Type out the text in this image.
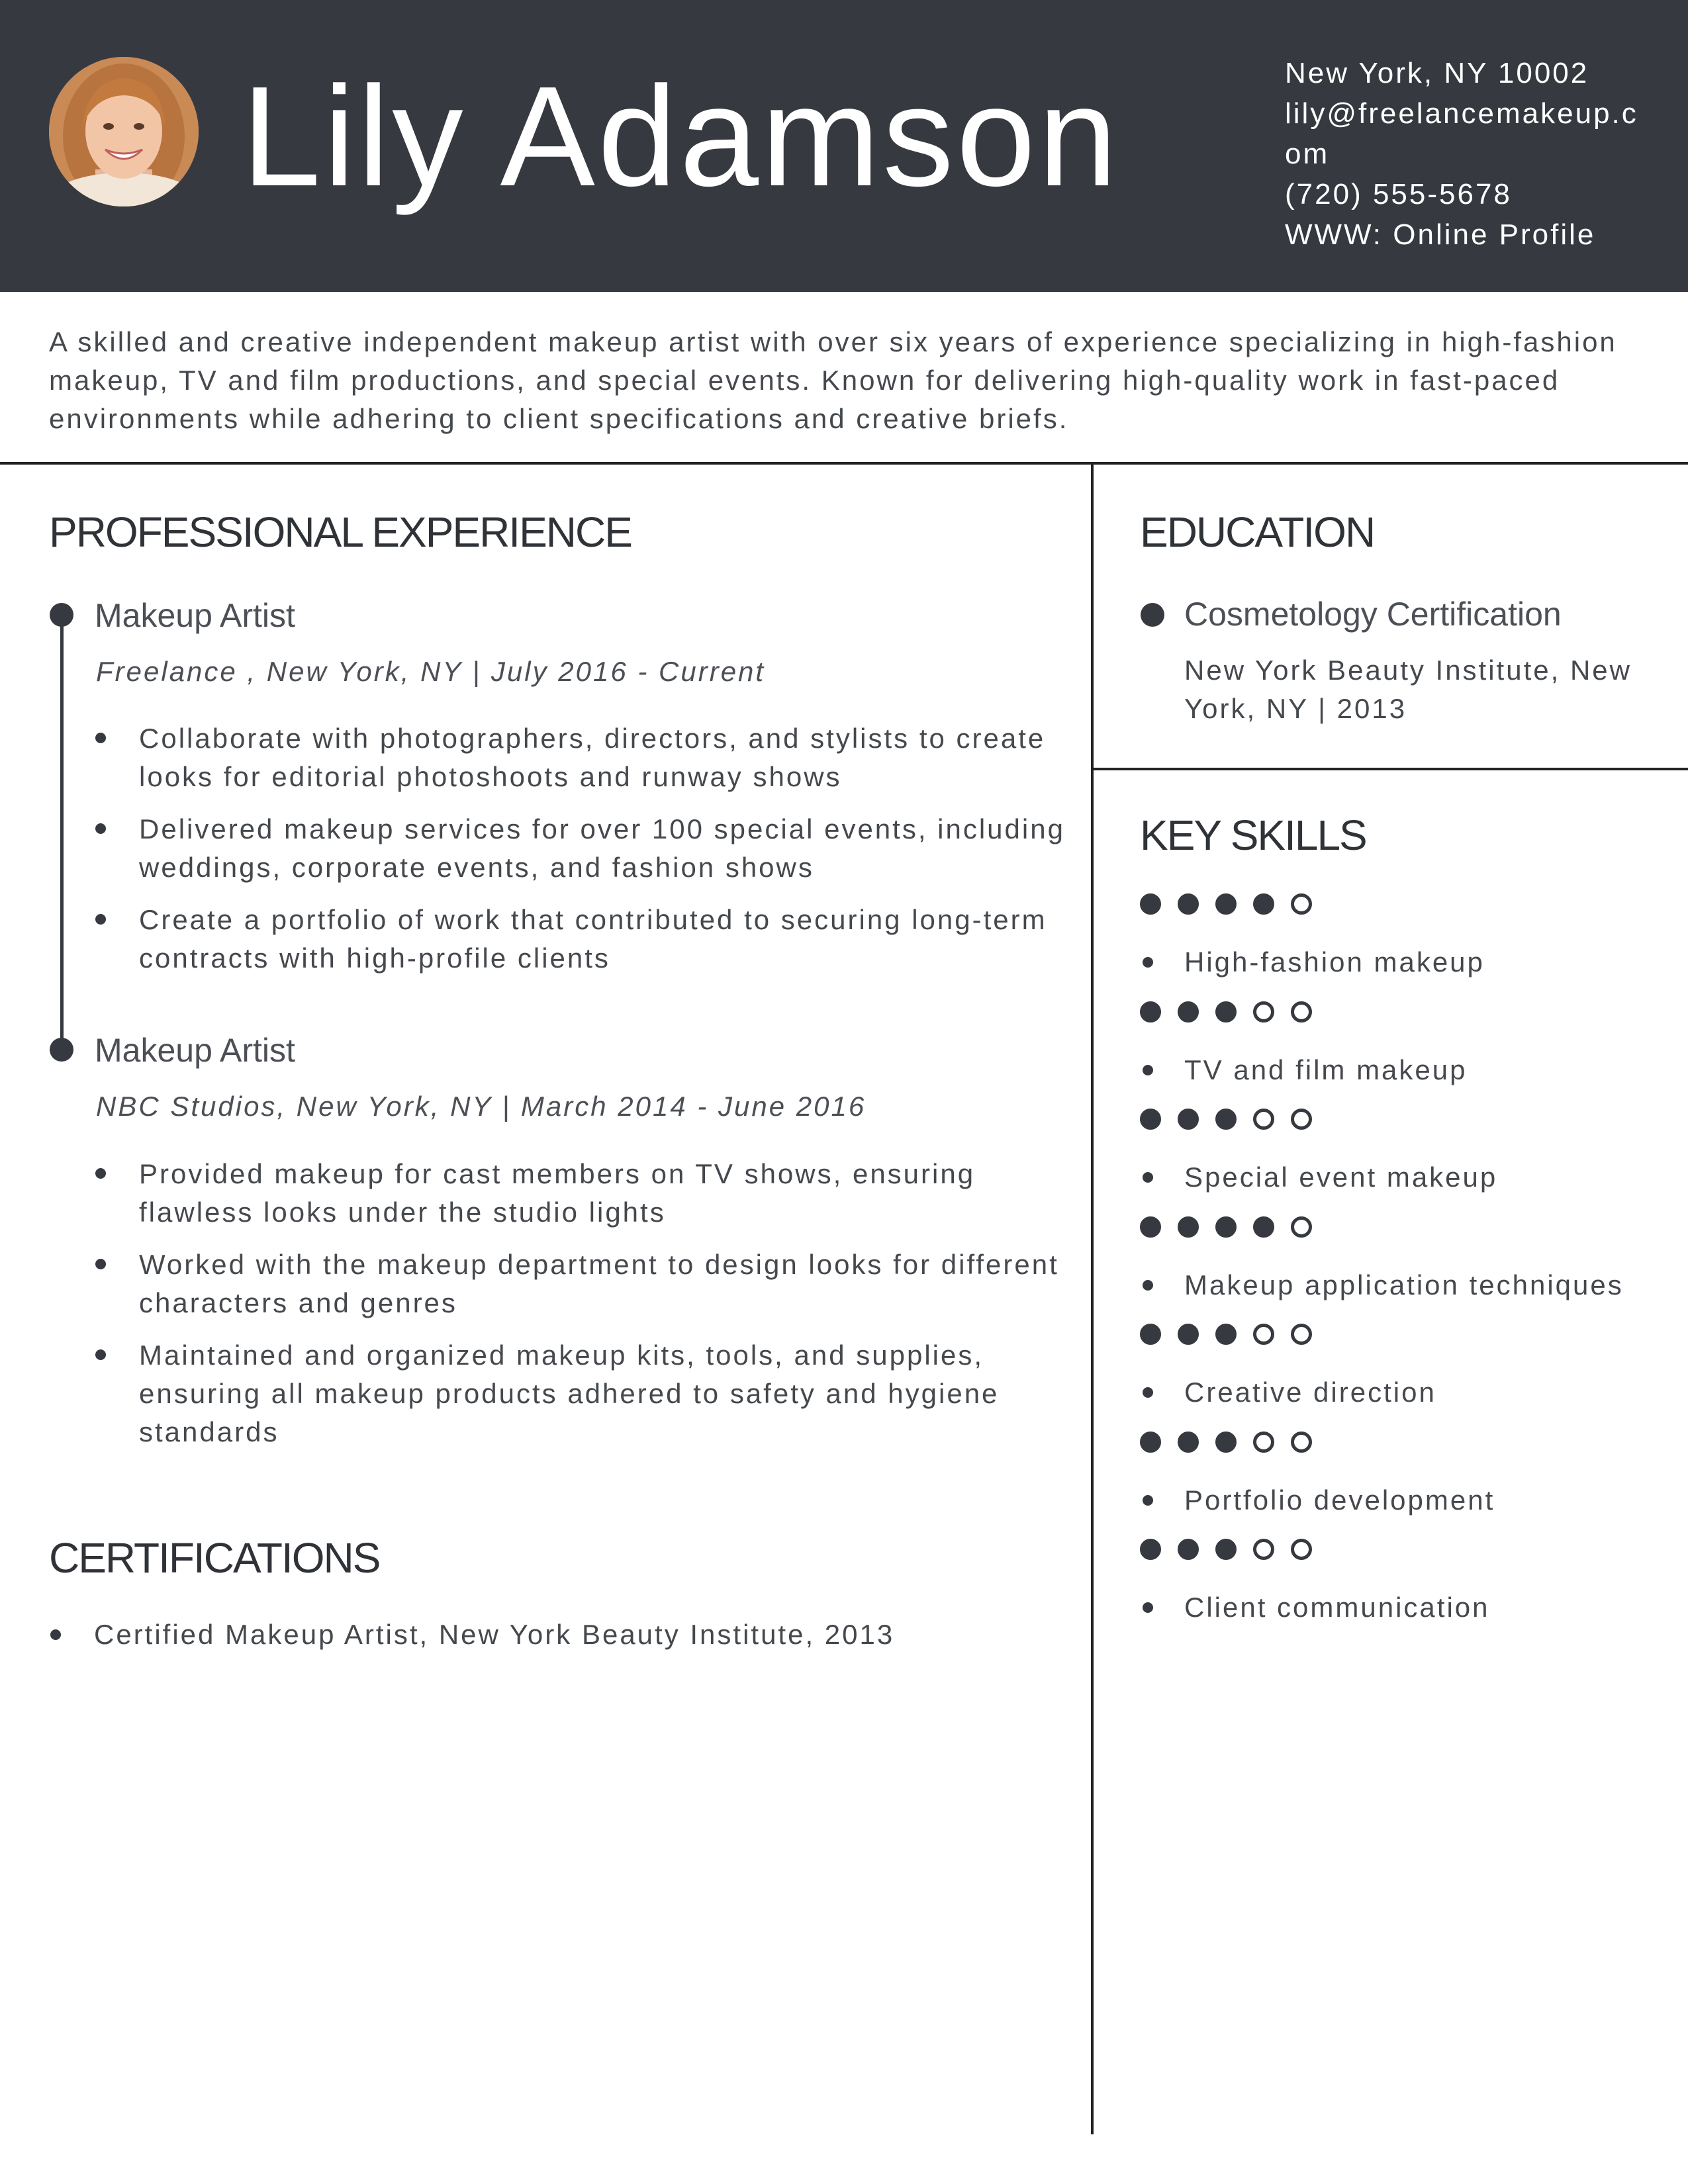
Lily Adamson	New York, NY 10002
lily@freelancemakeup.com
(720) 555-5678
WWW: Online Profile
A skilled and creative independent makeup artist with over six years of experience specializing in high-fashion makeup, TV and film productions, and special events. Known for delivering high-quality work in fast-paced environments while adhering to client specifications and creative briefs.
PROFESSIONAL EXPERIENCE
Makeup Artist
Freelance , New York, NY | July 2016 - Current
Collaborate with photographers, directors, and stylists to create looks for editorial photoshoots and runway shows
Delivered makeup services for over 100 special events, including weddings, corporate events, and fashion shows
Create a portfolio of work that contributed to securing long-term contracts with high-profile clients
Makeup Artist
NBC Studios, New York, NY | March 2014 - June 2016
Provided makeup for cast members on TV shows, ensuring flawless looks under the studio lights
Worked with the makeup department to design looks for different characters and genres
Maintained and organized makeup kits, tools, and supplies, ensuring all makeup products adhered to safety and hygiene standards
CERTIFICATIONS
Certified Makeup Artist, New York Beauty Institute, 2013
EDUCATION
Cosmetology Certification
New York Beauty Institute, New York, NY | 2013
KEY SKILLS
High-fashion makeup
TV and film makeup
Special event makeup
Makeup application techniques
Creative direction
Portfolio development
Client communication
